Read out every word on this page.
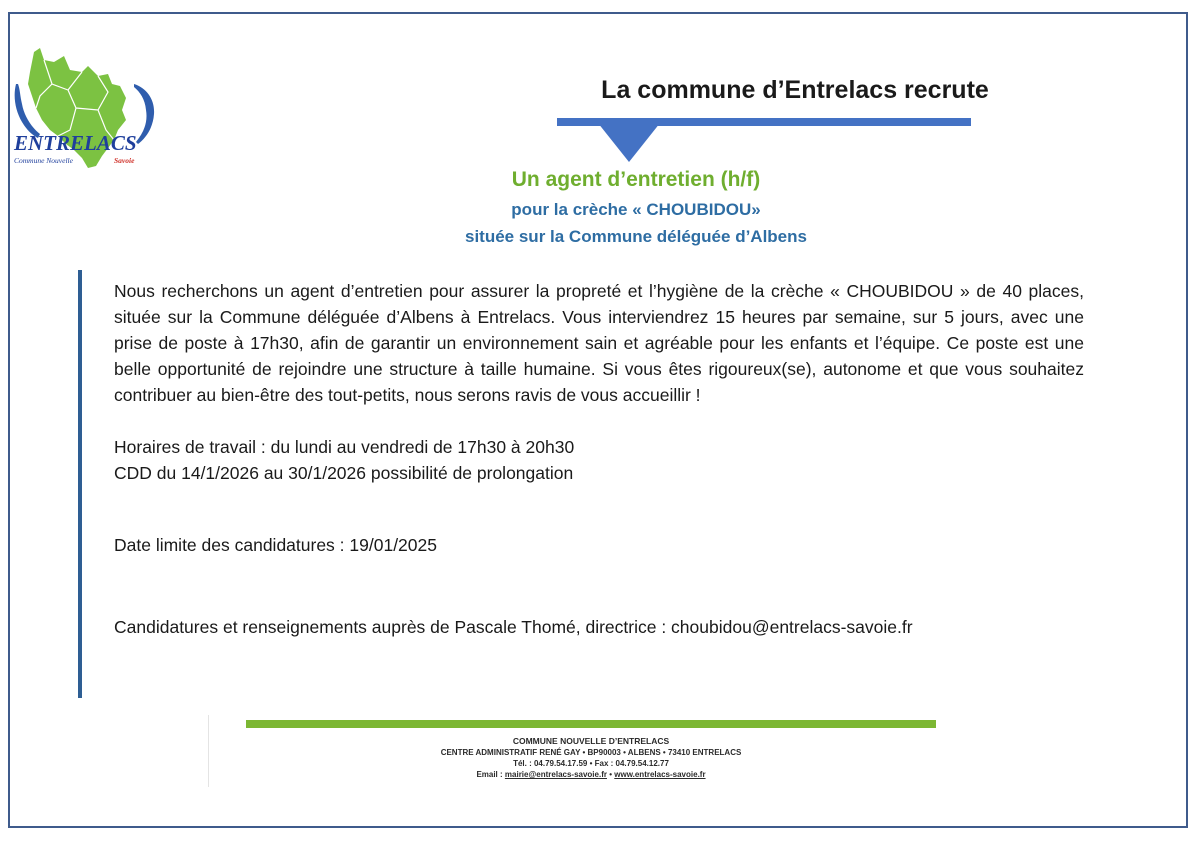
ENTRELACS
Commune Nouvelle	Savoie
La commune d’Entrelacs recrute
Un agent d’entretien (h/f)

pour la crèche « CHOUBIDOU»

située sur la Commune déléguée d’Albens

Nous recherchons un agent d’entretien pour assurer la propreté et l’hygiène de la crèche « CHOUBIDOU » de 40 places, située sur la Commune déléguée d’Albens à Entrelacs. Vous interviendrez 15 heures par semaine, sur 5 jours, avec une prise de poste à 17h30, afin de garantir un environnement sain et agréable pour les enfants et l’équipe. Ce poste est une belle opportunité de rejoindre une structure à taille humaine. Si vous êtes rigoureux(se), autonome et que vous souhaitez contribuer au bien-être des tout-petits, nous serons ravis de vous accueillir !

Horaires de travail : du lundi au vendredi de 17h30 à 20h30

CDD du 14/1/2026 au 30/1/2026 possibilité de prolongation

Date limite des candidatures : 19/01/2025

Candidatures et renseignements auprès de Pascale Thomé, directrice : choubidou@entrelacs-savoie.fr

COMMUNE NOUVELLE D’ENTRELACS
CENTRE ADMINISTRATIF RENÉ GAY • BP90003 • ALBENS • 73410 ENTRELACS
Tél. : 04.79.54.17.59 • Fax : 04.79.54.12.77
Email : mairie@entrelacs-savoie.fr • www.entrelacs-savoie.fr
